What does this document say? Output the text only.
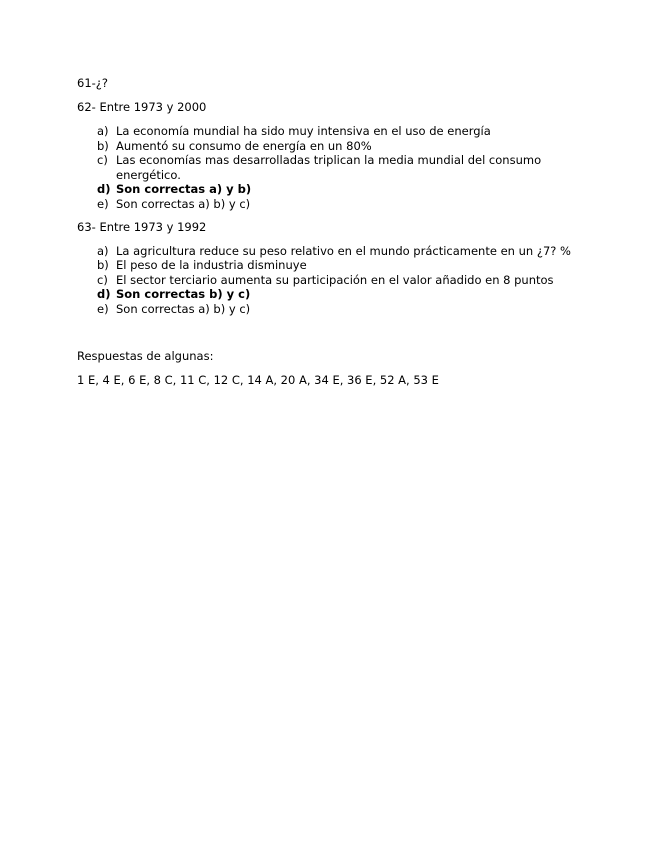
61-¿?

62- Entre 1973 y 2000

a) La economía mundial ha sido muy intensiva en el uso de energía
b) Aumentó su consumo de energía en un 80%
c) Las economías mas desarrolladas triplican la media mundial del consumo energético.
d) Son correctas a) y b)
e) Son correctas a) b) y c)

63- Entre 1973 y 1992

a) La agricultura reduce su peso relativo en el mundo prácticamente en un ¿7? %
b) El peso de la industria disminuye
c) El sector terciario aumenta su participación en el valor añadido en 8 puntos
d) Son correctas b) y c)
e) Son correctas a) b) y c)

Respuestas de algunas:

1 E, 4 E, 6 E, 8 C, 11 C, 12 C, 14 A, 20 A, 34 E, 36 E, 52 A, 53 E
